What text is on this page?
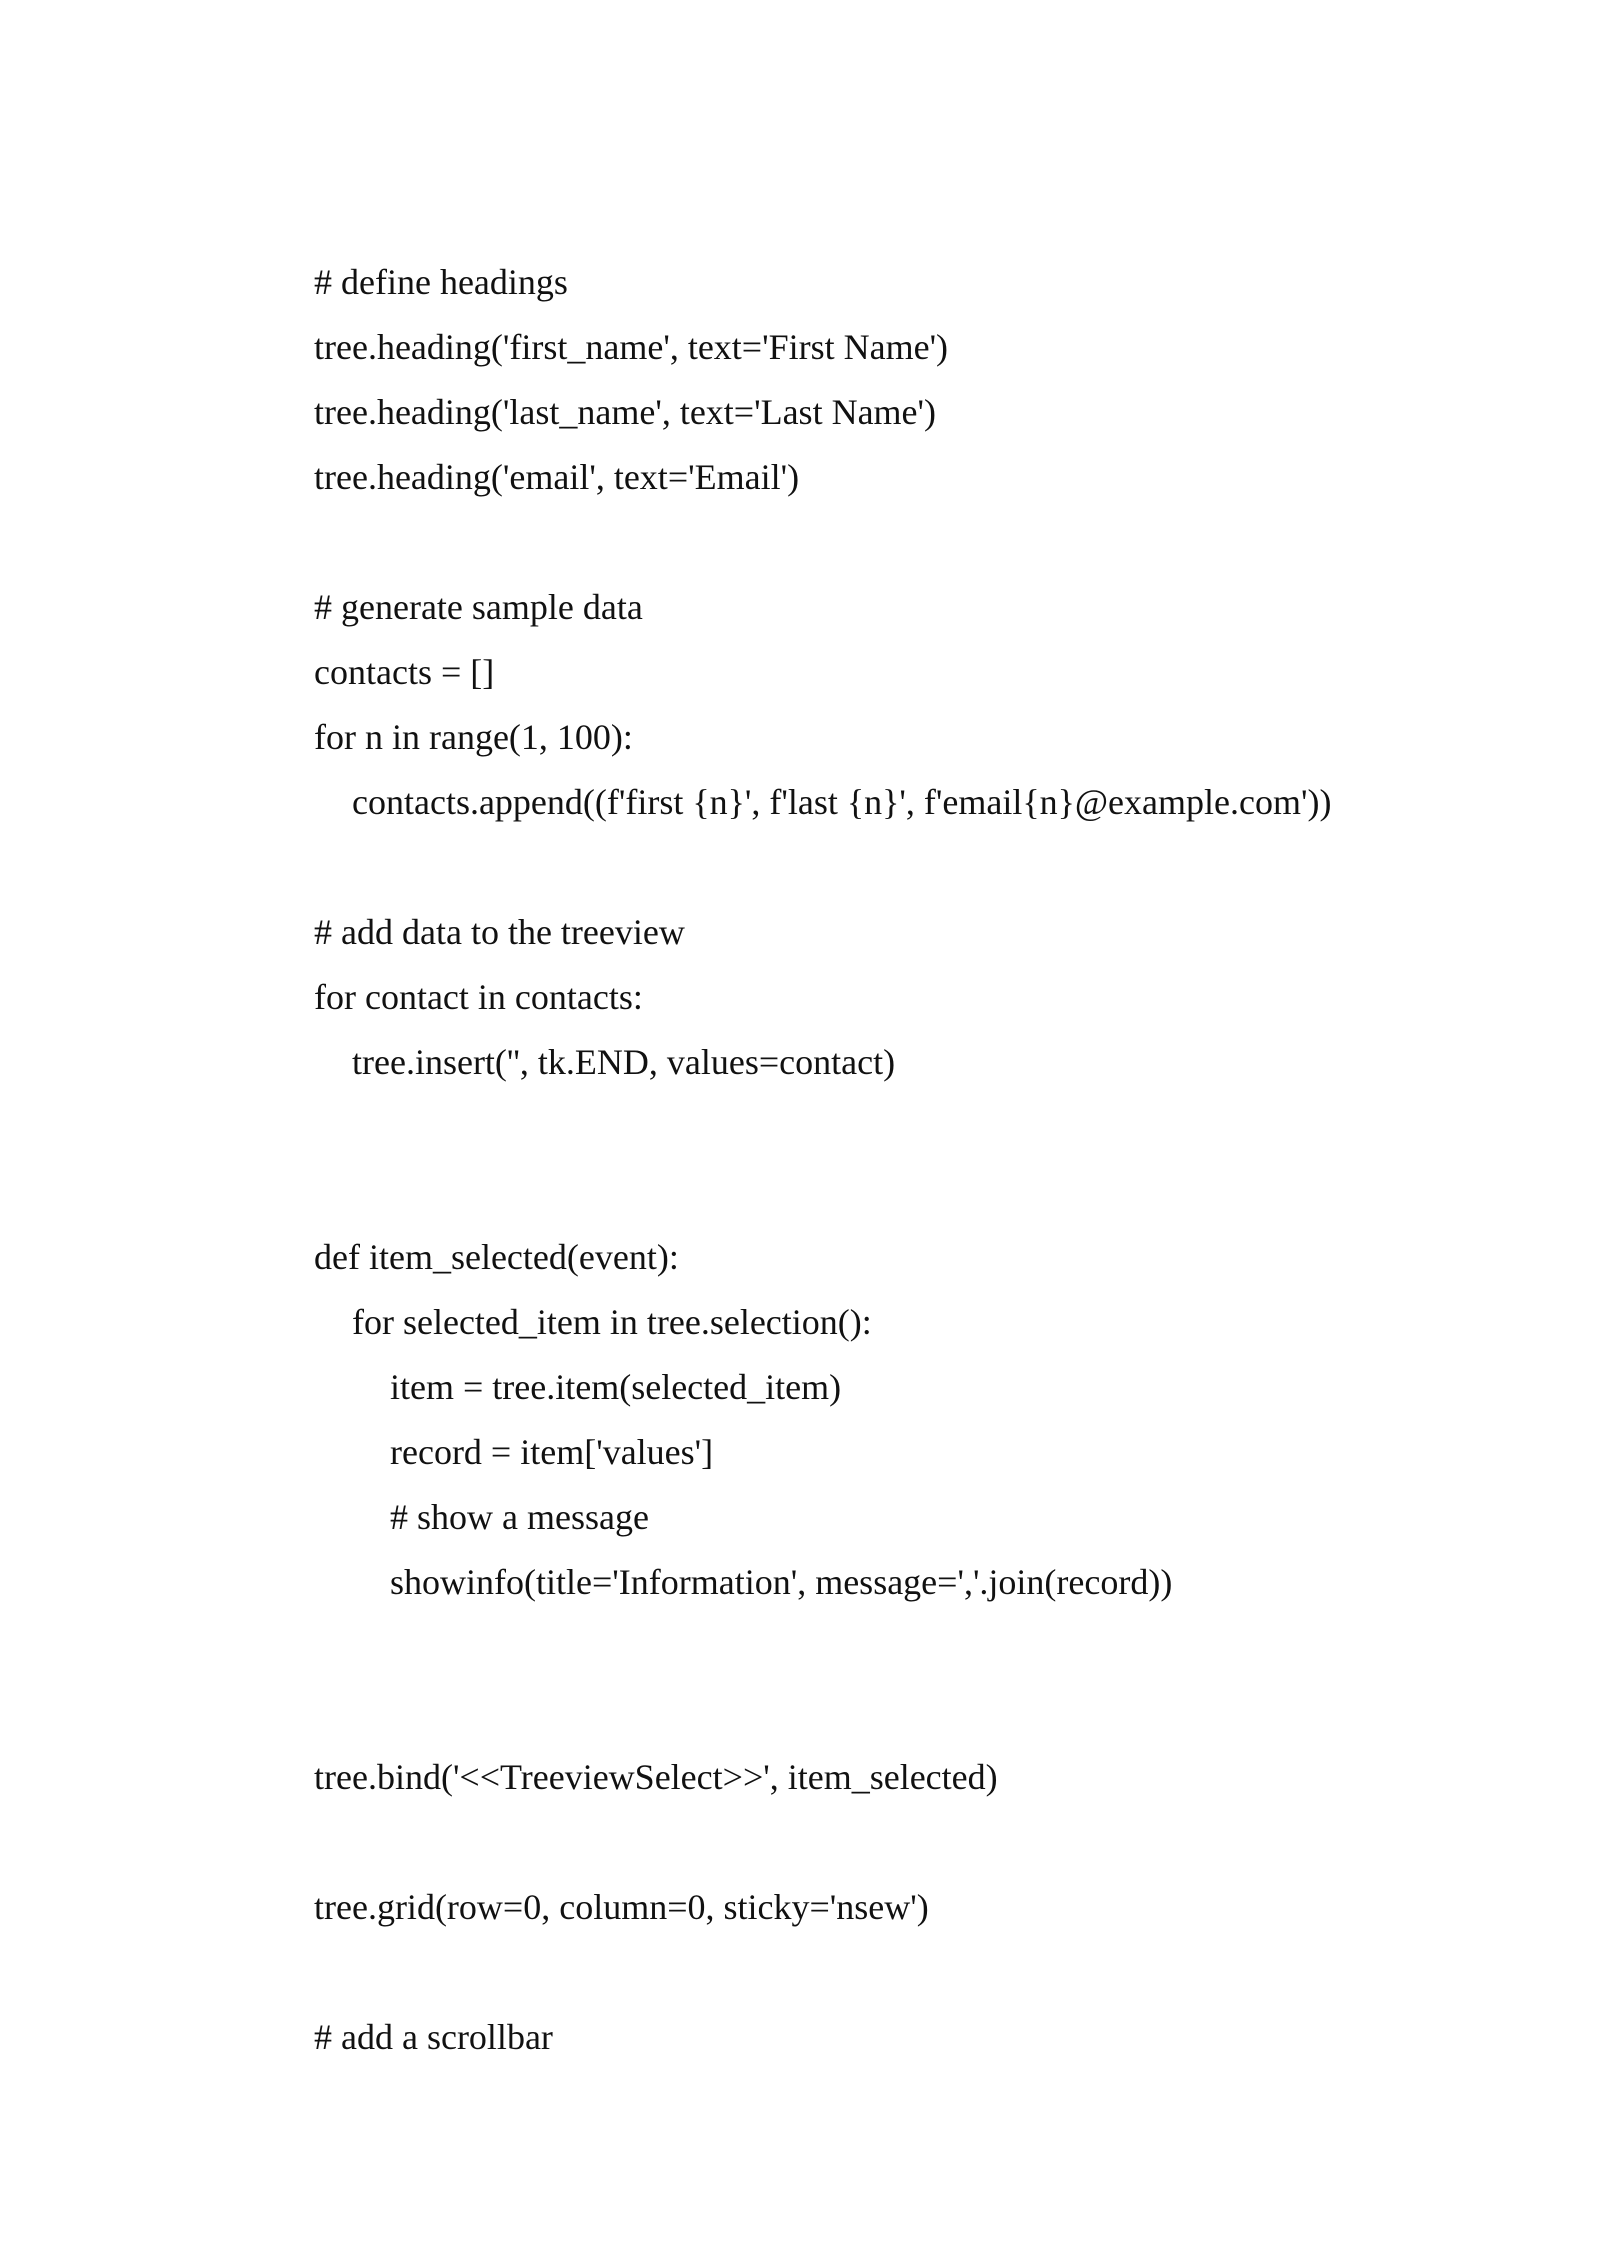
# define headings
tree.heading('first_name', text='First Name')
tree.heading('last_name', text='Last Name')
tree.heading('email', text='Email')
# generate sample data
contacts = []
for n in range(1, 100):
contacts.append((f'first {n}', f'last {n}', f'email{n}@example.com'))
# add data to the treeview
for contact in contacts:
tree.insert('', tk.END, values=contact)
def item_selected(event):
for selected_item in tree.selection():
item = tree.item(selected_item)
record = item['values']
# show a message
showinfo(title='Information', message=','.join(record))
tree.bind('<<TreeviewSelect>>', item_selected)
tree.grid(row=0, column=0, sticky='nsew')
# add a scrollbar
